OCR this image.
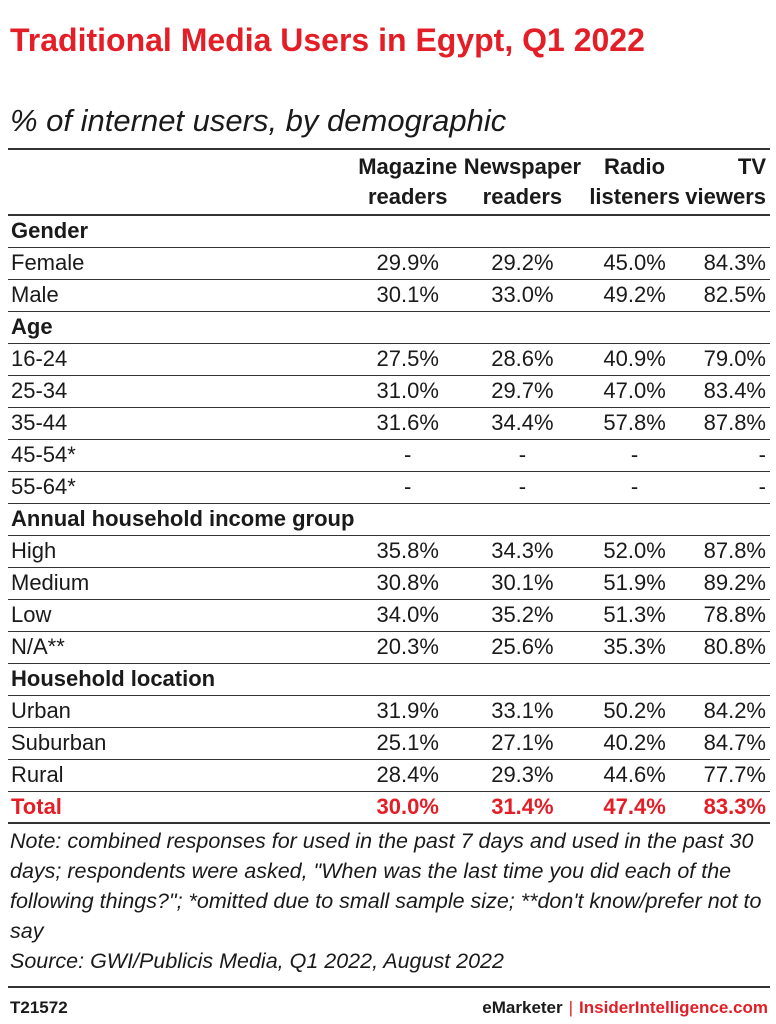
Traditional Media Users in Egypt, Q1 2022
% of internet users, by demographic
	Magazine readers	Newspaper readers	Radio listeners	TV viewers
Gender				
Female	29.9%	29.2%	45.0%	84.3%
Male	30.1%	33.0%	49.2%	82.5%
Age				
16-24	27.5%	28.6%	40.9%	79.0%
25-34	31.0%	29.7%	47.0%	83.4%
35-44	31.6%	34.4%	57.8%	87.8%
45-54*	-	-	-	-
55-64*	-	-	-	-
Annual household income group				
High	35.8%	34.3%	52.0%	87.8%
Medium	30.8%	30.1%	51.9%	89.2%
Low	34.0%	35.2%	51.3%	78.8%
N/A**	20.3%	25.6%	35.3%	80.8%
Household location				
Urban	31.9%	33.1%	50.2%	84.2%
Suburban	25.1%	27.1%	40.2%	84.7%
Rural	28.4%	29.3%	44.6%	77.7%
Total	30.0%	31.4%	47.4%	83.3%
Note: combined responses for used in the past 7 days and used in the past 30 days; respondents were asked, "When was the last time you did each of the following things?"; *omitted due to small sample size; **don't know/prefer not to say
Source: GWI/Publicis Media, Q1 2022, August 2022
T21572	eMarketer | InsiderIntelligence.com
